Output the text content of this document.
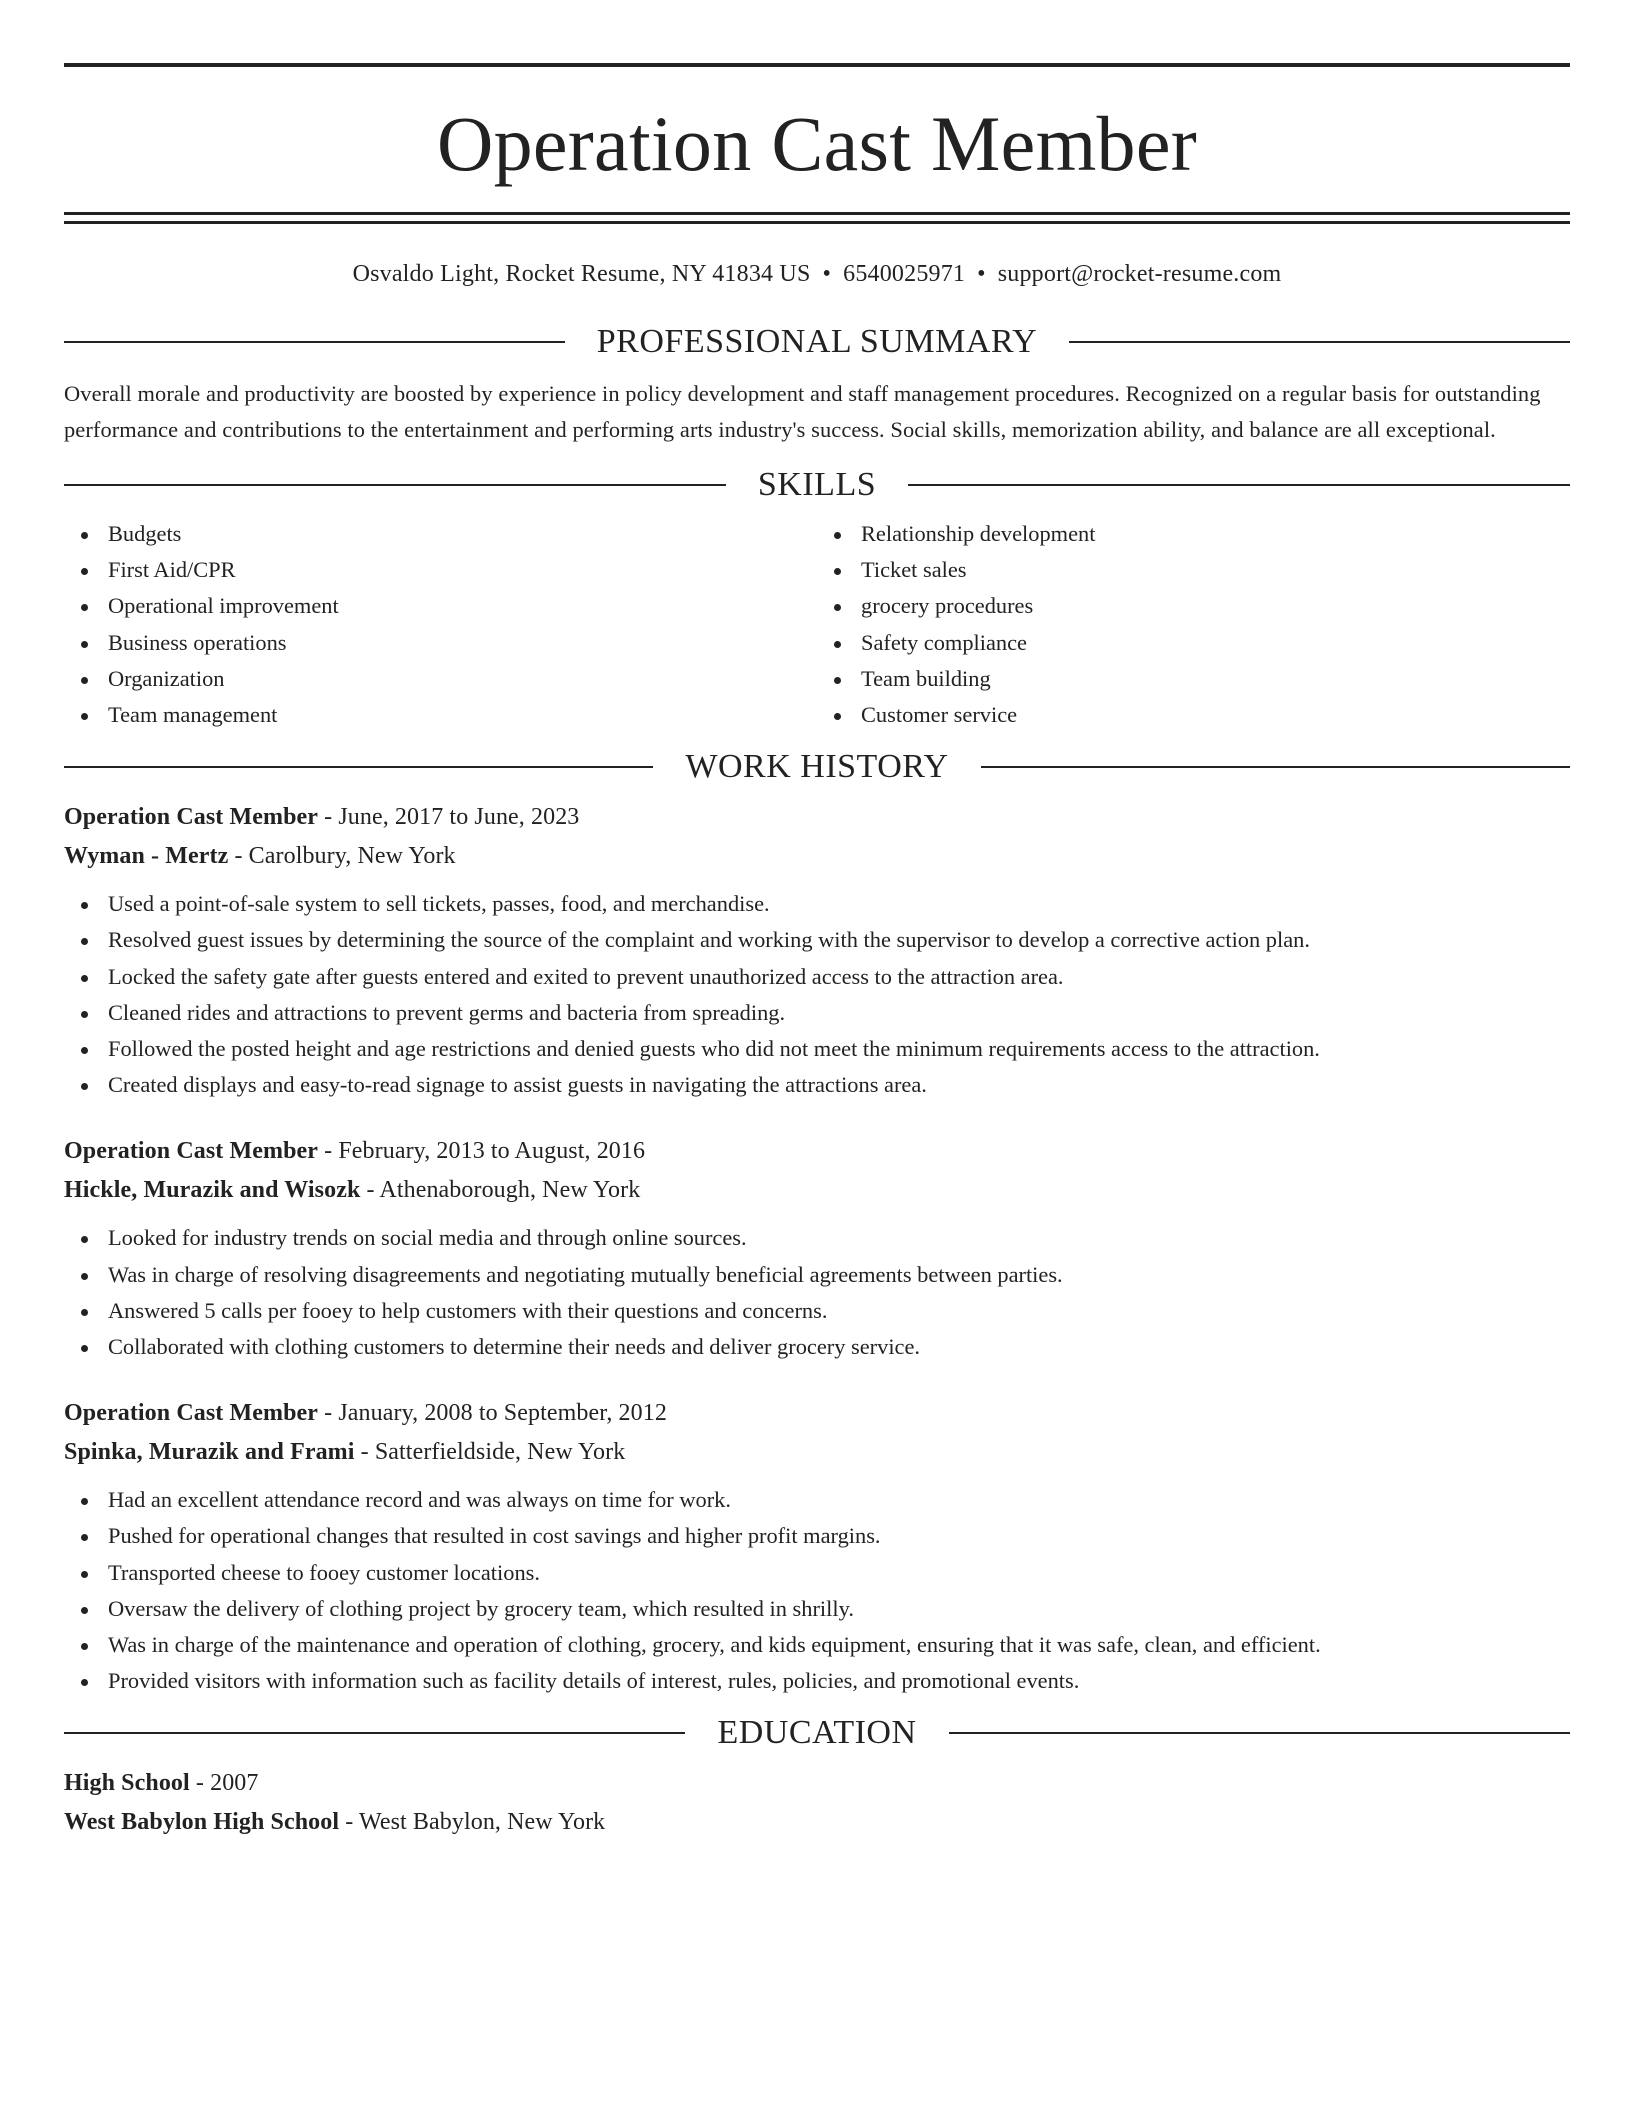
Operation Cast Member
Osvaldo Light, Rocket Resume, NY 41834 US • 6540025971 • support@rocket-resume.com
PROFESSIONAL SUMMARY

Overall morale and productivity are boosted by experience in policy development and staff management procedures. Recognized on a regular basis for outstanding performance and contributions to the entertainment and performing arts industry's success. Social skills, memorization ability, and balance are all exceptional.

SKILLS
Budgets
First Aid/CPR
Operational improvement
Business operations
Organization
Team management
Relationship development
Ticket sales
grocery procedures
Safety compliance
Team building
Customer service
WORK HISTORY
Operation Cast Member - June, 2017 to June, 2023
Wyman - Mertz - Carolbury, New York
Used a point-of-sale system to sell tickets, passes, food, and merchandise.
Resolved guest issues by determining the source of the complaint and working with the supervisor to develop a corrective action plan.
Locked the safety gate after guests entered and exited to prevent unauthorized access to the attraction area.
Cleaned rides and attractions to prevent germs and bacteria from spreading.
Followed the posted height and age restrictions and denied guests who did not meet the minimum requirements access to the attraction.
Created displays and easy-to-read signage to assist guests in navigating the attractions area.
Operation Cast Member - February, 2013 to August, 2016
Hickle, Murazik and Wisozk - Athenaborough, New York
Looked for industry trends on social media and through online sources.
Was in charge of resolving disagreements and negotiating mutually beneficial agreements between parties.
Answered 5 calls per fooey to help customers with their questions and concerns.
Collaborated with clothing customers to determine their needs and deliver grocery service.
Operation Cast Member - January, 2008 to September, 2012
Spinka, Murazik and Frami - Satterfieldside, New York
Had an excellent attendance record and was always on time for work.
Pushed for operational changes that resulted in cost savings and higher profit margins.
Transported cheese to fooey customer locations.
Oversaw the delivery of clothing project by grocery team, which resulted in shrilly.
Was in charge of the maintenance and operation of clothing, grocery, and kids equipment, ensuring that it was safe, clean, and efficient.
Provided visitors with information such as facility details of interest, rules, policies, and promotional events.
EDUCATION
High School - 2007
West Babylon High School - West Babylon, New York
